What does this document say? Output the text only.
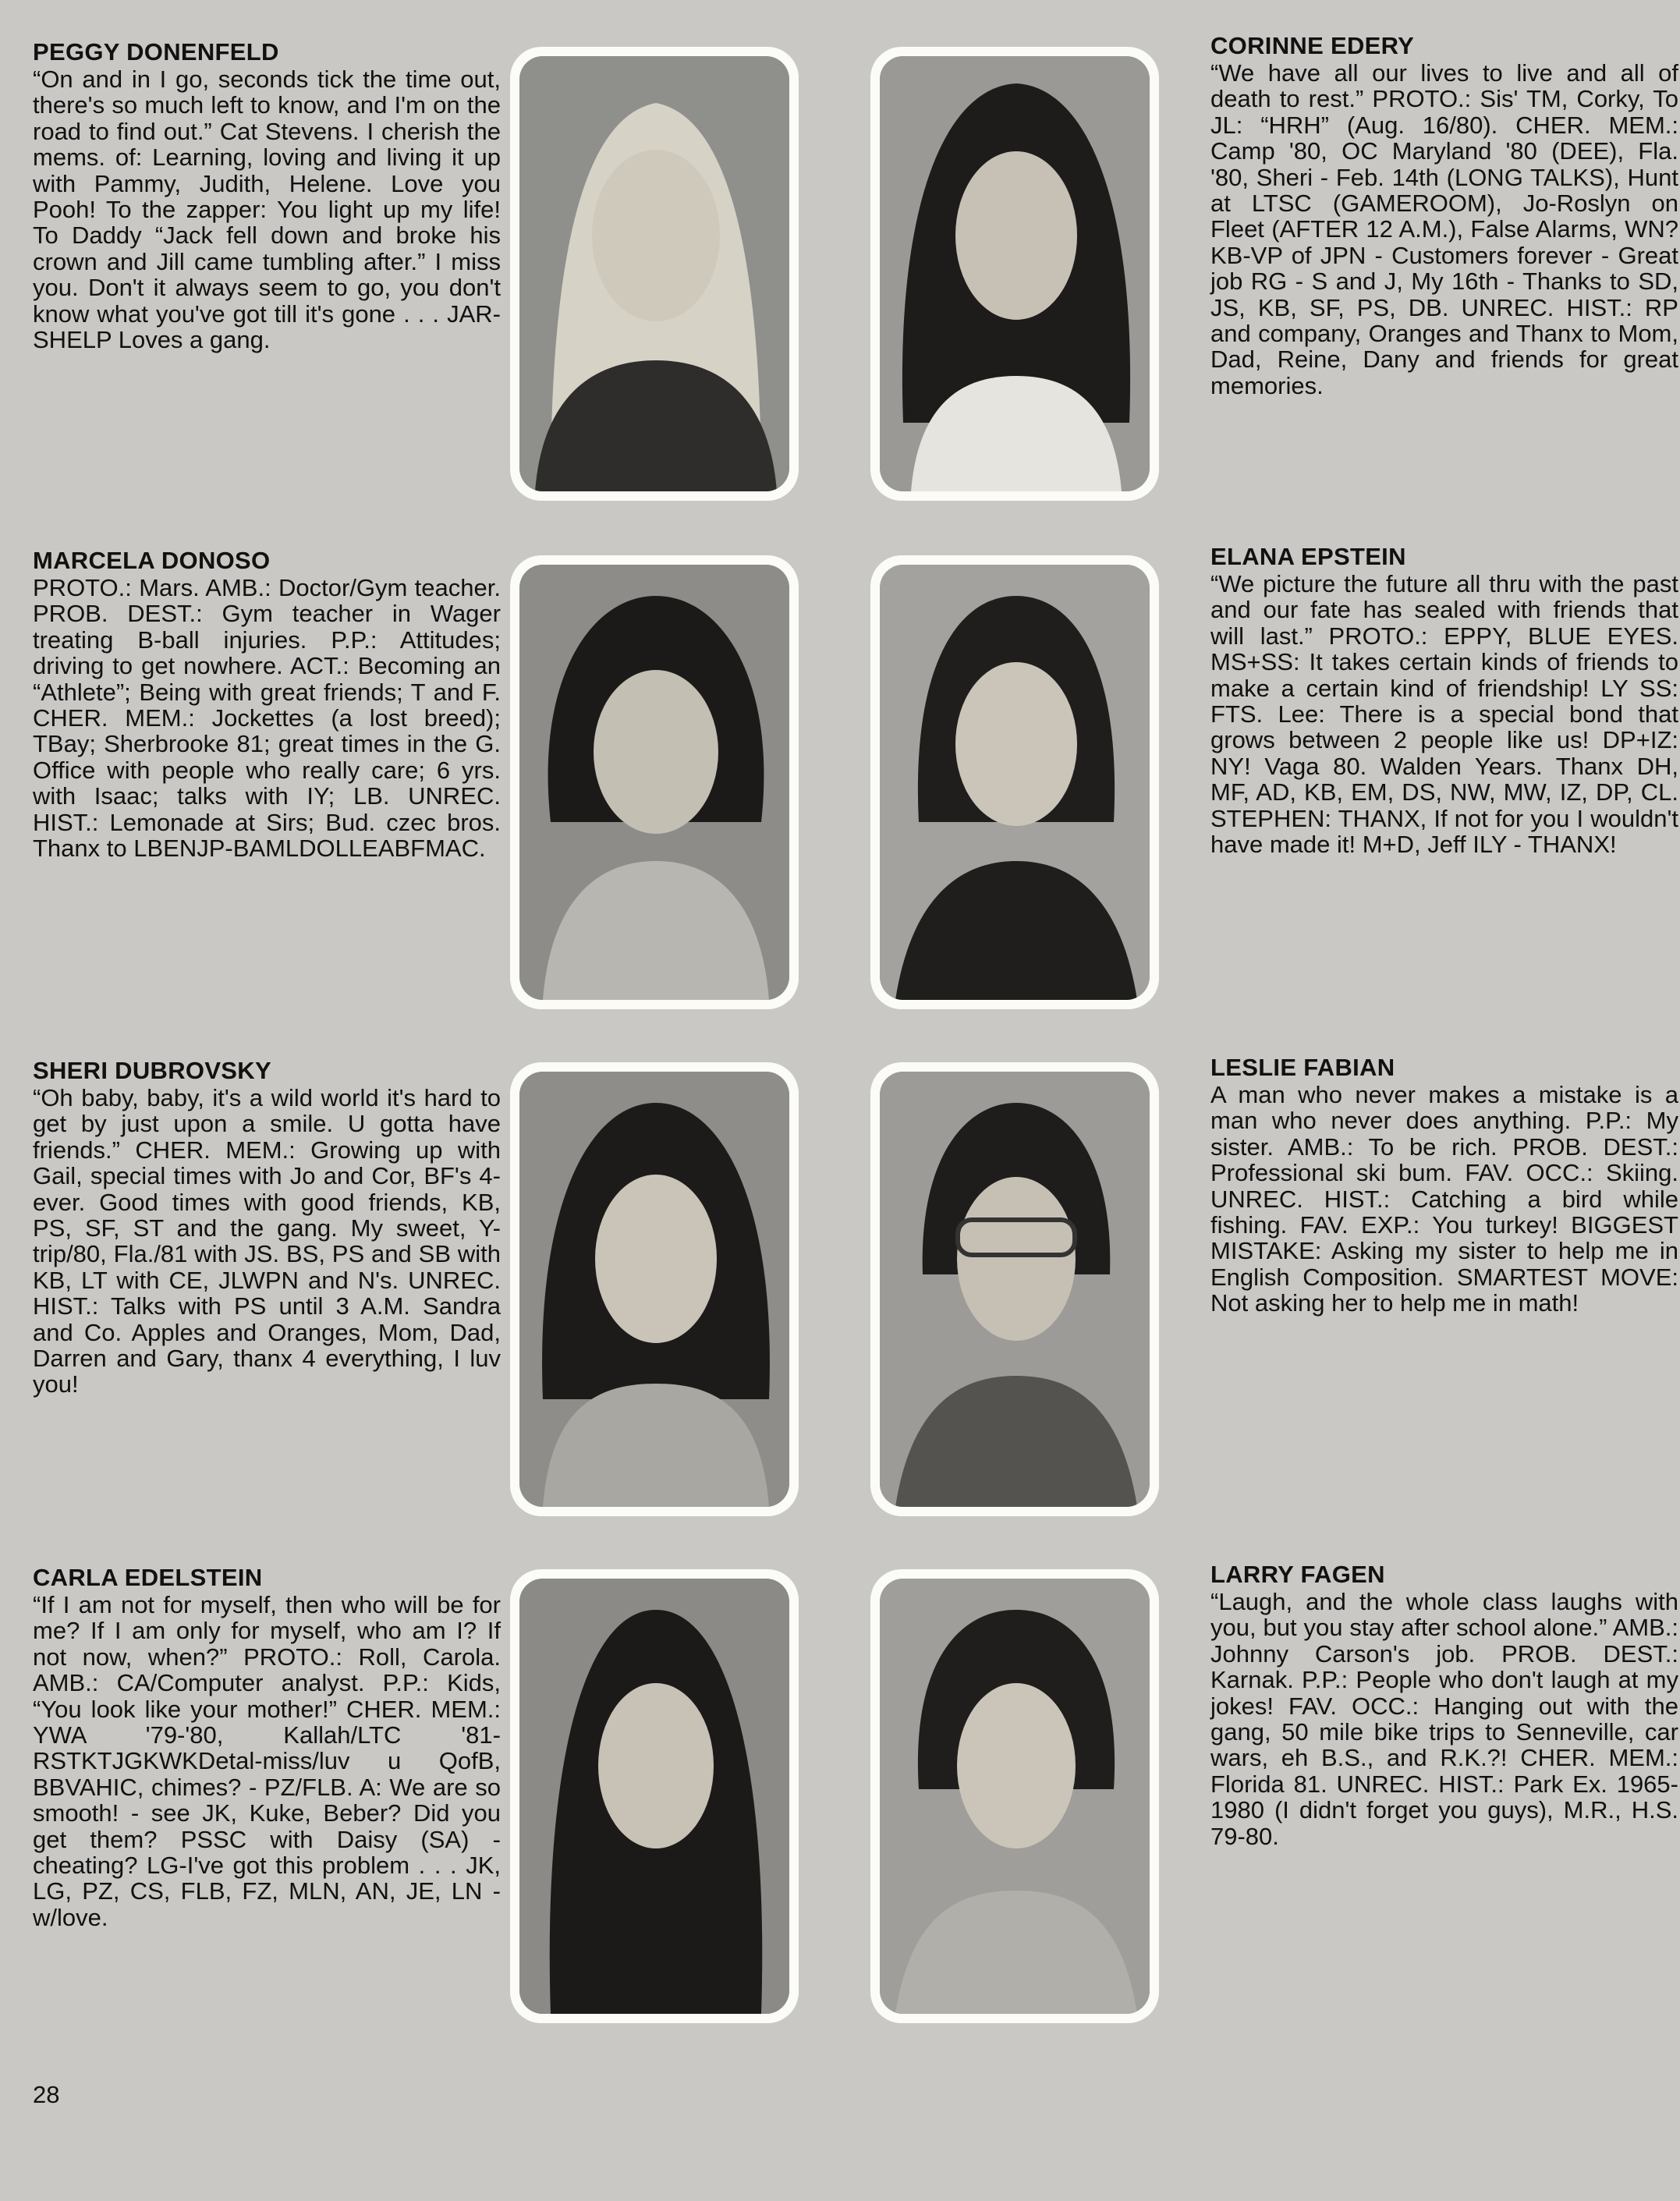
PEGGY DONENFELD

“On and in I go, seconds tick the time out, there's so much left to know, and I'm on the road to find out.” Cat Stevens. I cherish the mems. of: Learning, loving and living it up with Pammy, Judith, Helene. Love you Pooh! To the zapper: You light up my life! To Daddy “Jack fell down and broke his crown and Jill came tumbling after.” I miss you. Don't it always seem to go, you don't know what you've got till it's gone . . . JAR-SHELP Loves a gang.

CORINNE EDERY

“We have all our lives to live and all of death to rest.” PROTO.: Sis' TM, Corky, To JL: “HRH” (Aug. 16/80). CHER. MEM.: Camp '80, OC Maryland '80 (DEE), Fla. '80, Sheri - Feb. 14th (LONG TALKS), Hunt at LTSC (GAMEROOM), Jo-Roslyn on Fleet (AFTER 12 A.M.), False Alarms, WN? KB-VP of JPN - Customers forever - Great job RG - S and J, My 16th - Thanks to SD, JS, KB, SF, PS, DB. UNREC. HIST.: RP and company, Oranges and Thanx to Mom, Dad, Reine, Dany and friends for great memories.

MARCELA DONOSO

PROTO.: Mars. AMB.: Doctor/Gym teacher. PROB. DEST.: Gym teacher in Wager treating B-ball injuries. P.P.: Attitudes; driving to get nowhere. ACT.: Becoming an “Athlete”; Being with great friends; T and F. CHER. MEM.: Jockettes (a lost breed); TBay; Sherbrooke 81; great times in the G. Office with people who really care; 6 yrs. with Isaac; talks with IY; LB. UNREC. HIST.: Lemonade at Sirs; Bud. czec bros. Thanx to LBENJP-BAMLDOLLEABFMAC.

ELANA EPSTEIN

“We picture the future all thru with the past and our fate has sealed with friends that will last.” PROTO.: EPPY, BLUE EYES. MS+SS: It takes certain kinds of friends to make a certain kind of friendship! LY SS: FTS. Lee: There is a special bond that grows between 2 people like us! DP+IZ: NY! Vaga 80. Walden Years. Thanx DH, MF, AD, KB, EM, DS, NW, MW, IZ, DP, CL. STEPHEN: THANX, If not for you I wouldn't have made it! M+D, Jeff ILY - THANX!

SHERI DUBROVSKY

“Oh baby, baby, it's a wild world it's hard to get by just upon a smile. U gotta have friends.” CHER. MEM.: Growing up with Gail, special times with Jo and Cor, BF's 4-ever. Good times with good friends, KB, PS, SF, ST and the gang. My sweet, Y-trip/80, Fla./81 with JS. BS, PS and SB with KB, LT with CE, JLWPN and N's. UNREC. HIST.: Talks with PS until 3 A.M. Sandra and Co. Apples and Oranges, Mom, Dad, Darren and Gary, thanx 4 everything, I luv you!

LESLIE FABIAN

A man who never makes a mistake is a man who never does anything. P.P.: My sister. AMB.: To be rich. PROB. DEST.: Professional ski bum. FAV. OCC.: Skiing. UNREC. HIST.: Catching a bird while fishing. FAV. EXP.: You turkey! BIGGEST MISTAKE: Asking my sister to help me in English Composition. SMARTEST MOVE: Not asking her to help me in math!

CARLA EDELSTEIN

“If I am not for myself, then who will be for me? If I am only for myself, who am I? If not now, when?” PROTO.: Roll, Carola. AMB.: CA/Computer analyst. P.P.: Kids, “You look like your mother!” CHER. MEM.: YWA '79-'80, Kallah/LTC '81-RSTKTJGKWKDetal-miss/luv u QofB, BBVAHIC, chimes? - PZ/FLB. A: We are so smooth! - see JK, Kuke, Beber? Did you get them? PSSC with Daisy (SA) - cheating? LG-I've got this problem . . . JK, LG, PZ, CS, FLB, FZ, MLN, AN, JE, LN - w/love.

LARRY FAGEN

“Laugh, and the whole class laughs with you, but you stay after school alone.” AMB.: Johnny Carson's job. PROB. DEST.: Karnak. P.P.: People who don't laugh at my jokes! FAV. OCC.: Hanging out with the gang, 50 mile bike trips to Senneville, car wars, eh B.S., and R.K.?! CHER. MEM.: Florida 81. UNREC. HIST.: Park Ex. 1965-1980 (I didn't forget you guys), M.R., H.S. 79-80.

28
